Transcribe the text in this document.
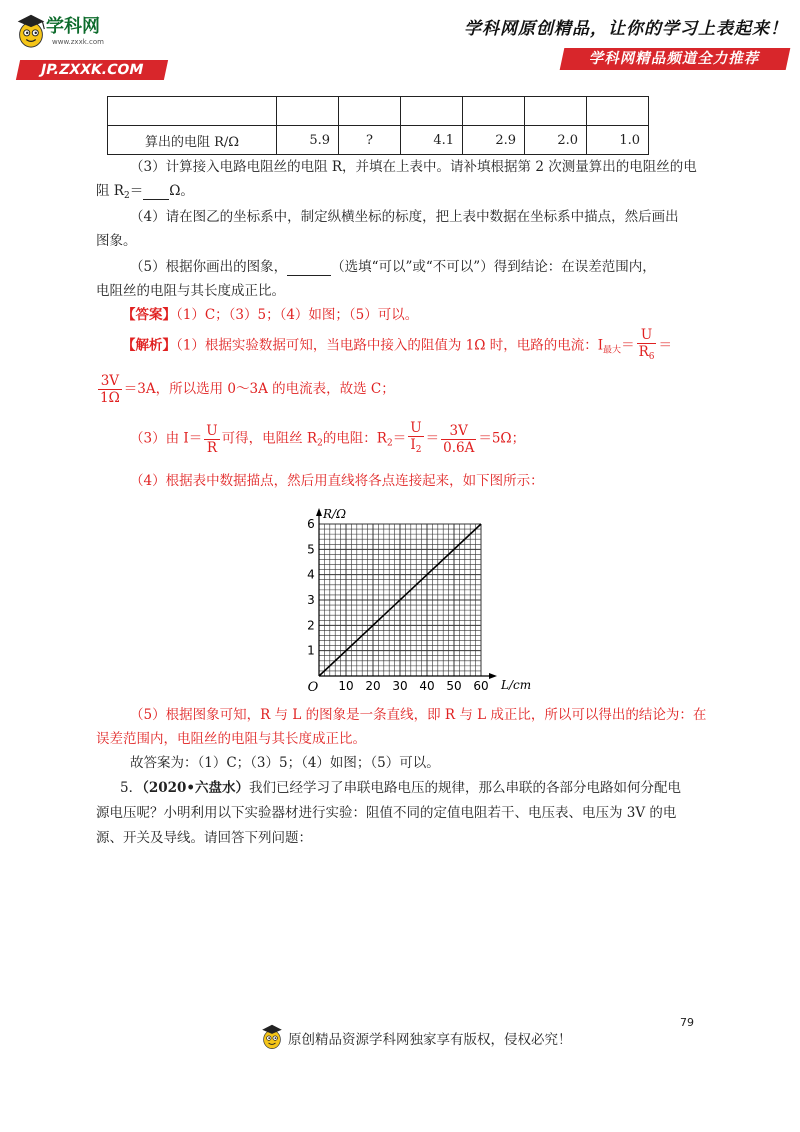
学科网
www.zxxk.com
JP.ZXXK.COM
学科网原创精品，让你的学习上表起来！
学科网精品频道全力推荐

算出的电阻 R/Ω	5.9	?	4.1	2.9	2.0	1.0
（3）计算接入电路电阻丝的电阻 R，并填在上表中。请补填根据第 2 次测量算出的电阻丝的电
阻 $R_2= \Omega$。
（4）请在图乙的坐标系中，制定纵横坐标的标度，把上表中数据在坐标系中描点，然后画出
图象。
（5）根据你画出的图象，	（选填“可以”或“不可以”）得到结论：在误差范围内，
电阻丝的电阻与其长度成正比。
【答案】（1）C；（3）5；（4）如图；（5）可以。
【解析】（1）根据实验数据可知，当电路中接入的阻值为 1Ω 时，电路的电流：$I_{最大}= \frac{U}{R_6}$ ＝
$\frac{3V}{1\Omega} =3A$，所以选用 0～3A 的电流表，故选 C；
（3）由 $I= \frac{U}{R}$ 可得，电阻丝 $R_2$的电阻：$R_2= \frac{U}{I_2} = \frac{3V}{0.6A} =5\Omega$；
（4）根据表中数据描点，然后用直线将各点连接起来，如下图所示：
10 20 30 40 50 60
1
2
3
4
5
6
O	L/cm
R/Ω
（5）根据图象可知，R 与 L 的图象是一条直线，即 R 与 L 成正比，所以可以得出的结论为：在
误差范围内，电阻丝的电阻与其长度成正比。
故答案为：（1）C；（3）5；（4）如图；（5）可以。
5．（2020•六盘水）我们已经学习了串联电路电压的规律，那么串联的各部分电路如何分配电
源电压呢？小明利用以下实验器材进行实验：阻值不同的定值电阻若干、电压表、电压为 3V 的电
源、开关及导线。请回答下列问题：
79
原创精品资源学科网独家享有版权，侵权必究！
